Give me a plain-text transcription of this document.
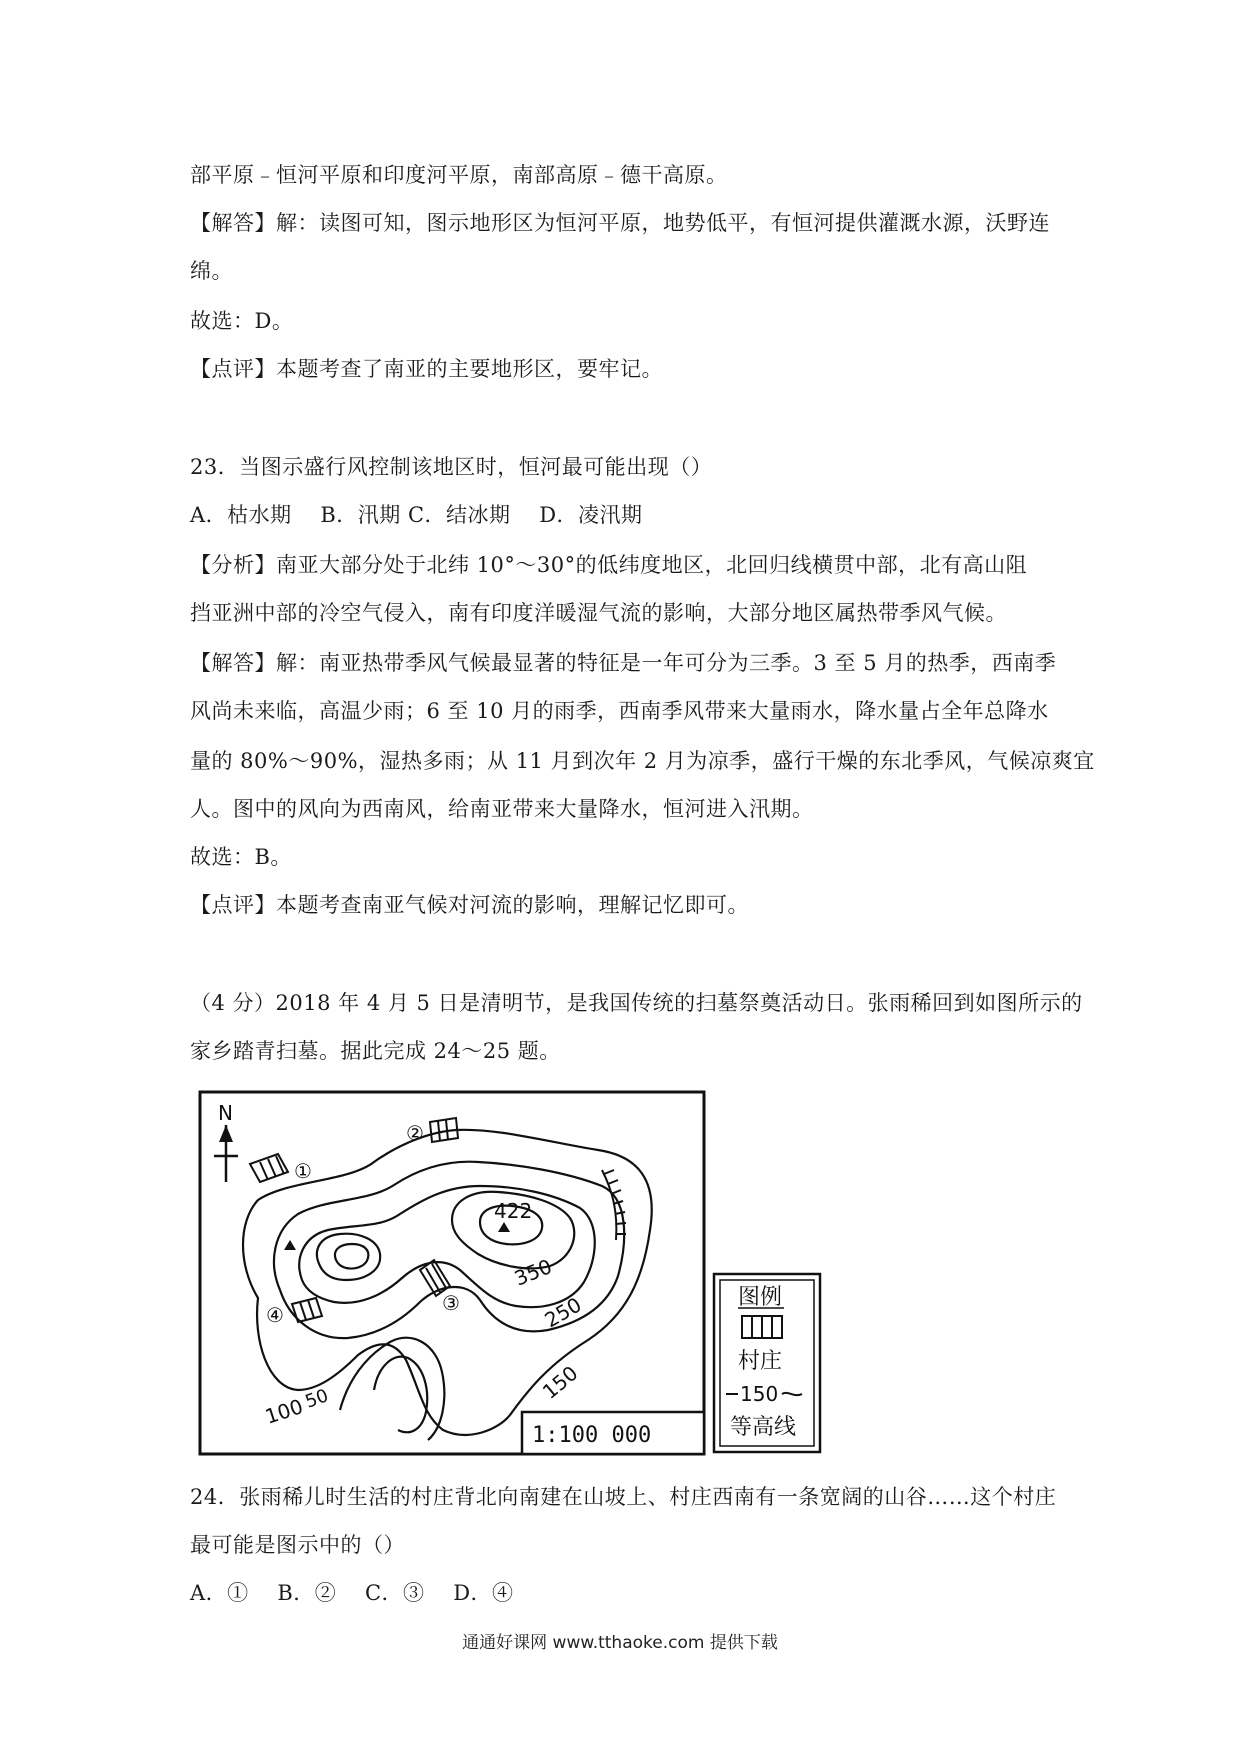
部平原﹣恒河平原和印度河平原，南部高原﹣德干高原。
【解答】解：读图可知，图示地形区为恒河平原，地势低平，有恒河提供灌溉水源，沃野连
绵。
故选：D。
【点评】本题考查了南亚的主要地形区，要牢记。
23．当图示盛行风控制该地区时，恒河最可能出现（）
A．枯水期　 B．汛期 C．结冰期　 D．凌汛期
【分析】南亚大部分处于北纬 10°～30°的低纬度地区，北回归线横贯中部，北有高山阻
挡亚洲中部的冷空气侵入，南有印度洋暖湿气流的影响，大部分地区属热带季风气候。
【解答】解：南亚热带季风气候最显著的特征是一年可分为三季。3 至 5 月的热季，西南季
风尚未来临，高温少雨；6 至 10 月的雨季，西南季风带来大量雨水，降水量占全年总降水
量的 80%～90%，湿热多雨；从 11 月到次年 2 月为凉季，盛行干燥的东北季风，气候凉爽宜
人。图中的风向为西南风，给南亚带来大量降水，恒河进入汛期。
故选：B。
【点评】本题考查南亚气候对河流的影响，理解记忆即可。
（4 分）2018 年 4 月 5 日是清明节，是我国传统的扫墓祭奠活动日。张雨稀回到如图所示的
家乡踏青扫墓。据此完成 24～25 题。
N
422
350
250
150
100
50
①
②
③
④
1:100 000
图例
村庄
150
等高线
24．张雨稀儿时生活的村庄背北向南建在山坡上、村庄西南有一条宽阔的山谷……这个村庄
最可能是图示中的（）
A．①　 B．②　 C．③　 D．④
通通好课网 www.tthaoke.com 提供下载
